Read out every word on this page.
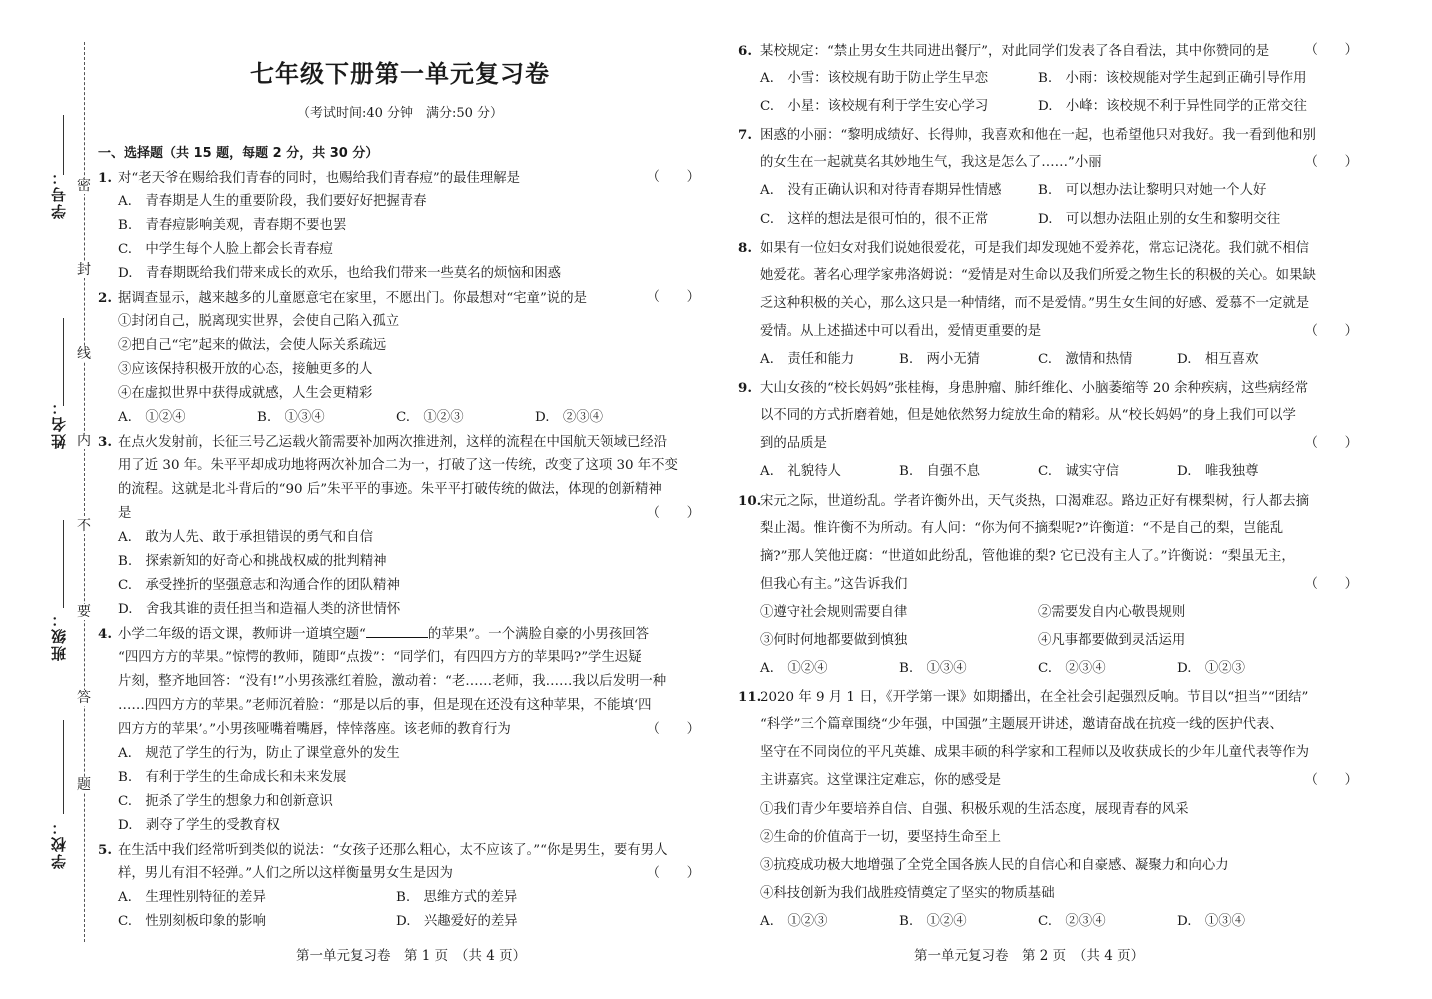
学号：
姓名：
班级：
学校：
密
封
线
内
不
要
答
题
七年级下册第一单元复习卷
（考试时间:40 分钟　满分:50 分）
一、选择题（共 15 题，每题 2 分，共 30 分）
1. 对“老天爷在赐给我们青春的同时，也赐给我们青春痘”的最佳理解是	（　　）
A.　青春期是人生的重要阶段，我们要好好把握青春
B.　青春痘影响美观，青春期不要也罢
C.　中学生每个人脸上都会长青春痘
D.　青春期既给我们带来成长的欢乐，也给我们带来一些莫名的烦恼和困惑
2. 据调查显示，越来越多的儿童愿意宅在家里，不愿出门。你最想对“宅童”说的是	（　　）
①封闭自己，脱离现实世界，会使自己陷入孤立
②把自己“宅”起来的做法，会使人际关系疏远
③应该保持积极开放的心态，接触更多的人
④在虚拟世界中获得成就感，人生会更精彩
A.　①②④	B.　①③④	C.　①②③	D.　②③④
3. 在点火发射前，长征三号乙运载火箭需要补加两次推进剂，这样的流程在中国航天领域已经沿
用了近 30 年。朱平平却成功地将两次补加合二为一，打破了这一传统，改变了这项 30 年不变
的流程。这就是北斗背后的“90 后”朱平平的事迹。朱平平打破传统的做法，体现的创新精神
是	（　　）
A.　敢为人先、敢于承担错误的勇气和自信
B.　探索新知的好奇心和挑战权威的批判精神
C.　承受挫折的坚强意志和沟通合作的团队精神
D.　舍我其谁的责任担当和造福人类的济世情怀
4. 小学二年级的语文课，教师讲一道填空题“	的苹果”。一个满脸自豪的小男孩回答
“四四方方的苹果。”惊愕的教师，随即“点拨”：“同学们，有四四方方的苹果吗?”学生迟疑
片刻，整齐地回答：“没有!”小男孩涨红着脸，激动着：“老……老师，我……我以后发明一种
……四四方方的苹果。”老师沉着脸：“那是以后的事，但是现在还没有这种苹果，不能填‘四
四方方的苹果’。”小男孩哑嘴着嘴唇，悻悻落座。该老师的教育行为	（　　）
A.　规范了学生的行为，防止了课堂意外的发生
B.　有利于学生的生命成长和未来发展
C.　扼杀了学生的想象力和创新意识
D.　剥夺了学生的受教育权
5. 在生活中我们经常听到类似的说法：“女孩子还那么粗心，太不应该了。”“你是男生，要有男人
样，男儿有泪不轻弹。”人们之所以这样衡量男女生是因为	（　　）
A.　生理性别特征的差异	B.　思维方式的差异
C.　性别刻板印象的影响	D.　兴趣爱好的差异
第一单元复习卷　第 1 页　（共 4 页）
6. 某校规定：“禁止男女生共同进出餐厅”，对此同学们发表了各自看法，其中你赞同的是	（　　）
A.　小雪：该校规有助于防止学生早恋	B.　小雨：该校规能对学生起到正确引导作用
C.　小星：该校规有利于学生安心学习	D.　小峰：该校规不利于异性同学的正常交往
7. 困惑的小丽：“黎明成绩好、长得帅，我喜欢和他在一起，也希望他只对我好。我一看到他和别
的女生在一起就莫名其妙地生气，我这是怎么了……”小丽	（　　）
A.　没有正确认识和对待青春期异性情感	B.　可以想办法让黎明只对她一个人好
C.　这样的想法是很可怕的，很不正常	D.　可以想办法阻止别的女生和黎明交往
8. 如果有一位妇女对我们说她很爱花，可是我们却发现她不爱养花，常忘记浇花。我们就不相信
她爱花。著名心理学家弗洛姆说：“爱情是对生命以及我们所爱之物生长的积极的关心。如果缺
乏这种积极的关心，那么这只是一种情绪，而不是爱情。”男生女生间的好感、爱慕不一定就是
爱情。从上述描述中可以看出，爱情更重要的是	（　　）
A.　责任和能力	B.　两小无猜	C.　激情和热情	D.　相互喜欢
9. 大山女孩的“校长妈妈”张桂梅，身患肿瘤、肺纤维化、小脑萎缩等 20 余种疾病，这些病经常
以不同的方式折磨着她，但是她依然努力绽放生命的精彩。从“校长妈妈”的身上我们可以学
到的品质是	（　　）
A.　礼貌待人	B.　自强不息	C.　诚实守信	D.　唯我独尊
10.宋元之际，世道纷乱。学者许衡外出，天气炎热，口渴难忍。路边正好有棵梨树，行人都去摘
梨止渴。惟许衡不为所动。有人问：“你为何不摘梨呢?”许衡道：“不是自己的梨，岂能乱
摘?”那人笑他迂腐：“世道如此纷乱，管他谁的梨? 它已没有主人了。”许衡说：“梨虽无主，
但我心有主。”这告诉我们	（　　）
①遵守社会规则需要自律	②需要发自内心敬畏规则
③何时何地都要做到慎独	④凡事都要做到灵活运用
A.　①②④	B.　①③④	C.　②③④	D.　①②③
11.2020 年 9 月 1 日，《开学第一课》如期播出，在全社会引起强烈反响。节目以“担当”“团结”
“科学”三个篇章围绕“少年强，中国强”主题展开讲述，邀请奋战在抗疫一线的医护代表、
坚守在不同岗位的平凡英雄、成果丰硕的科学家和工程师以及收获成长的少年儿童代表等作为
主讲嘉宾。这堂课注定难忘，你的感受是	（　　）
①我们青少年要培养自信、自强、积极乐观的生活态度，展现青春的风采
②生命的价值高于一切，要坚持生命至上
③抗疫成功极大地增强了全党全国各族人民的自信心和自豪感、凝聚力和向心力
④科技创新为我们战胜疫情奠定了坚实的物质基础
A.　①②③	B.　①②④	C.　②③④	D.　①③④
第一单元复习卷　第 2 页　（共 4 页）
